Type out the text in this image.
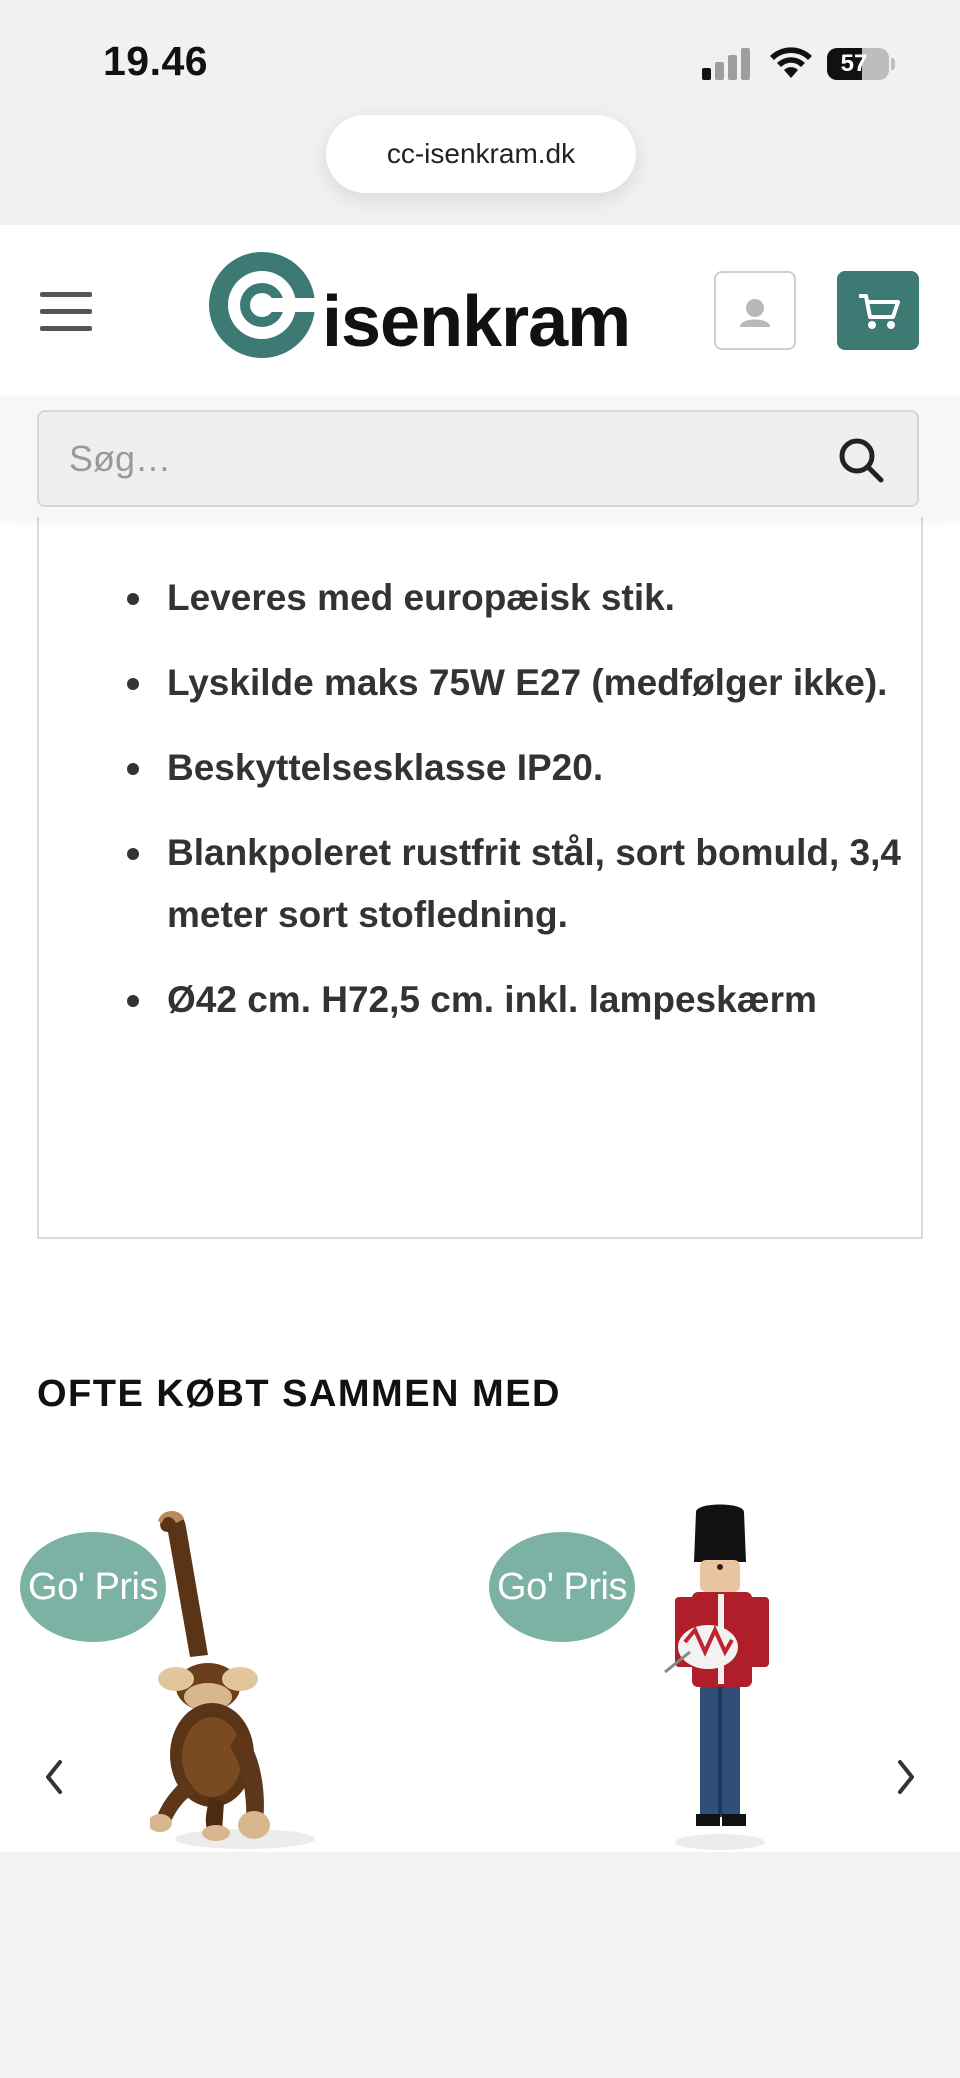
19.46	57
cc-isenkram.dk
isenkram
Søg…
Leveres med europæisk stik.
Lyskilde maks 75W E27 (medfølger ikke).
Beskyttelsesklasse IP20.
Blankpoleret rustfrit stål, sort bomuld, 3,4 meter sort stofledning.
Ø42 cm. H72,5 cm. inkl. lampeskærm
OFTE KØBT SAMMEN MED
Go' Pris	Go' Pris
